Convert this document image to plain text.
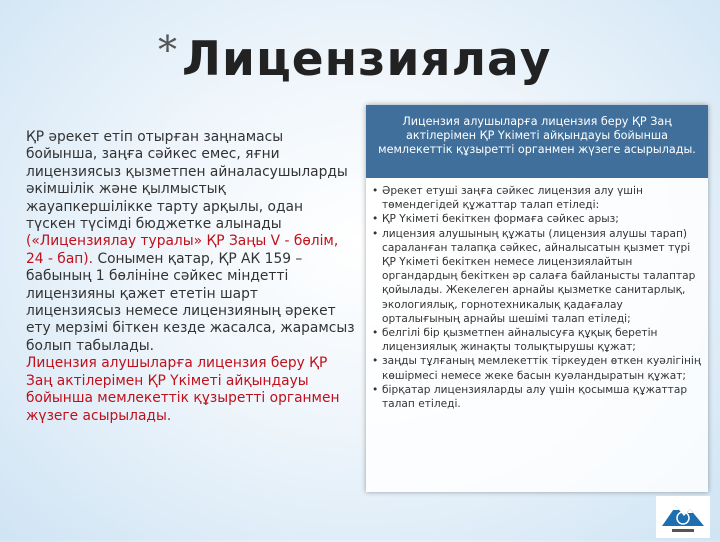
* Лицензиялау
ҚР әрекет етіп отырған заңнамасы бойынша, заңға сәйкес емес, яғни лицензиясыз қызметпен айналасушыларды әкімшілік және қылмыстық жауапкершілікке тарту арқылы, одан түскен түсімді бюджетке алынады («Лицензиялау туралы» ҚР Заңы V - бөлім, 24 - бап). Сонымен қатар, ҚР АК 159 – бабының 1 бөлініне сәйкес міндетті лицензияны қажет ететін шарт лицензиясыз немесе лицензияның әрекет ету мерзімі біткен кезде жасалса, жарамсыз болып табылады.
Лицензия алушыларға лицензия беру ҚР Заң актілерімен ҚР Үкіметі айқындауы бойынша мемлекеттік құзыретті органмен жүзеге асырылады.
Лицензия алушыларға лицензия беру ҚР Заң актілерімен ҚР Үкіметі айқындауы бойынша мемлекеттік құзыретті органмен жүзеге асырылады.
• Әрекет етуші заңға сәйкес лицензия алу үшін төмендегідей құжаттар талап етіледі:
• ҚР Үкіметі бекіткен формаға сәйкес арыз;
• лицензия алушының құжаты (лицензия алушы тарап) сараланған талапқа сәйкес, айналысатын қызмет түрі ҚР Үкіметі бекіткен немесе лицензиялайтын органдардың бекіткен әр салаға байланысты талаптар қойылады. Жекелеген арнайы қызметке санитарлық, экологиялық, горнотехникалық қадағалау орталығының арнайы шешімі талап етіледі;
• белгілі бір қызметпен айналысуға құқық беретін лицензиялық жинақты толықтырушы құжат;
• заңды тұлғаның мемлекеттік тіркеуден өткен куәлігінің көшірмесі немесе жеке басын куәландыратын құжат;
• бірқатар лицензияларды алу үшін қосымша құжаттар талап етіледі.
